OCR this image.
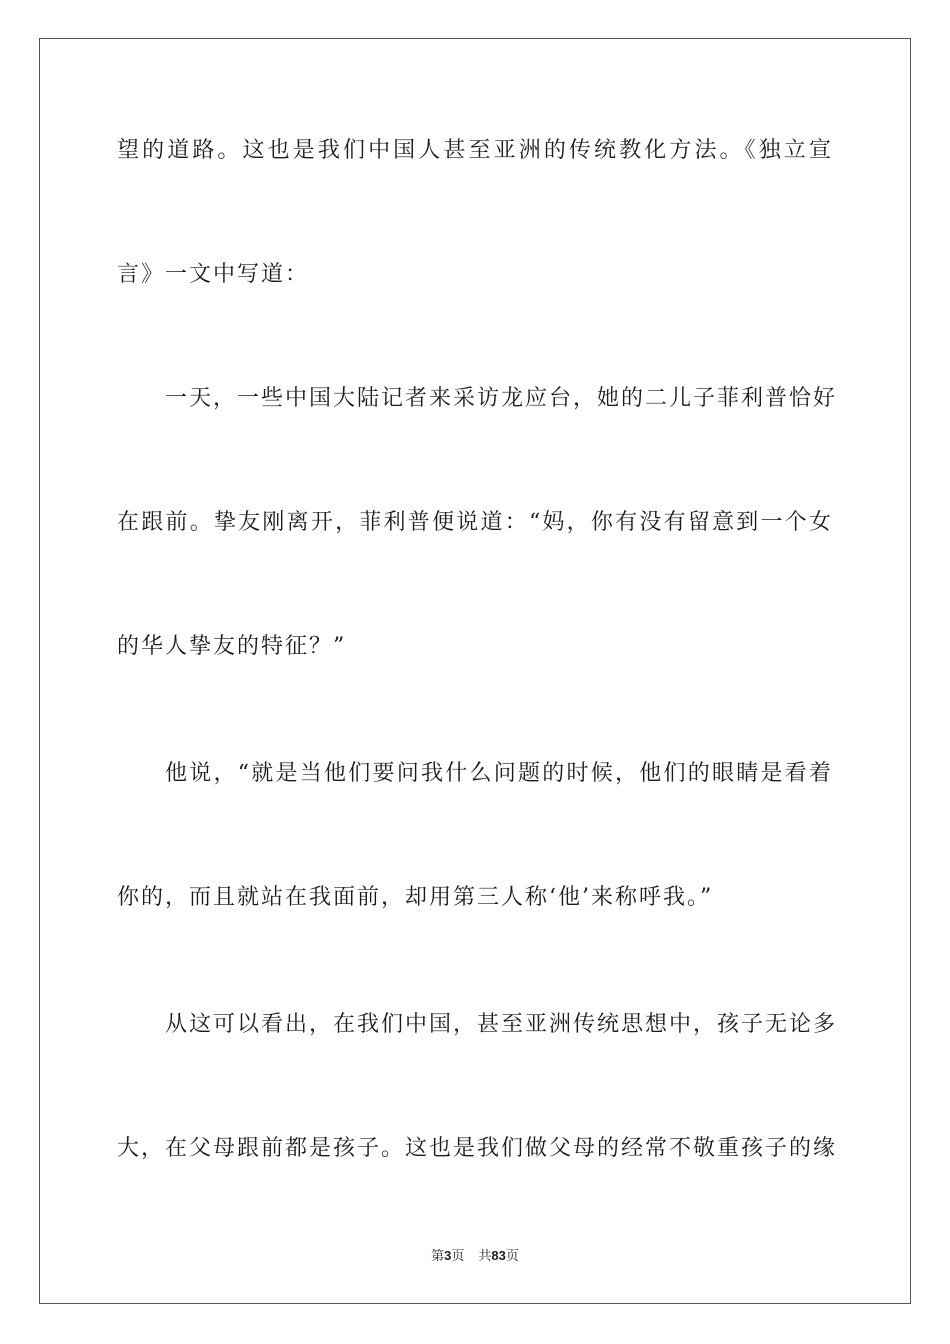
望的道路。这也是我们中国人甚至亚洲的传统教化方法。《独立宣
言》一文中写道：
一天，一些中国大陆记者来采访龙应台，她的二儿子菲利普恰好
在跟前。挚友刚离开，菲利普便说道：“妈，你有没有留意到一个女
的华人挚友的特征？”
他说，“就是当他们要问我什么问题的时候，他们的眼睛是看着
你的，而且就站在我面前，却用第三人称‘他’来称呼我。”
从这可以看出，在我们中国，甚至亚洲传统思想中，孩子无论多
大，在父母跟前都是孩子。这也是我们做父母的经常不敬重孩子的缘
第3页 共83页
